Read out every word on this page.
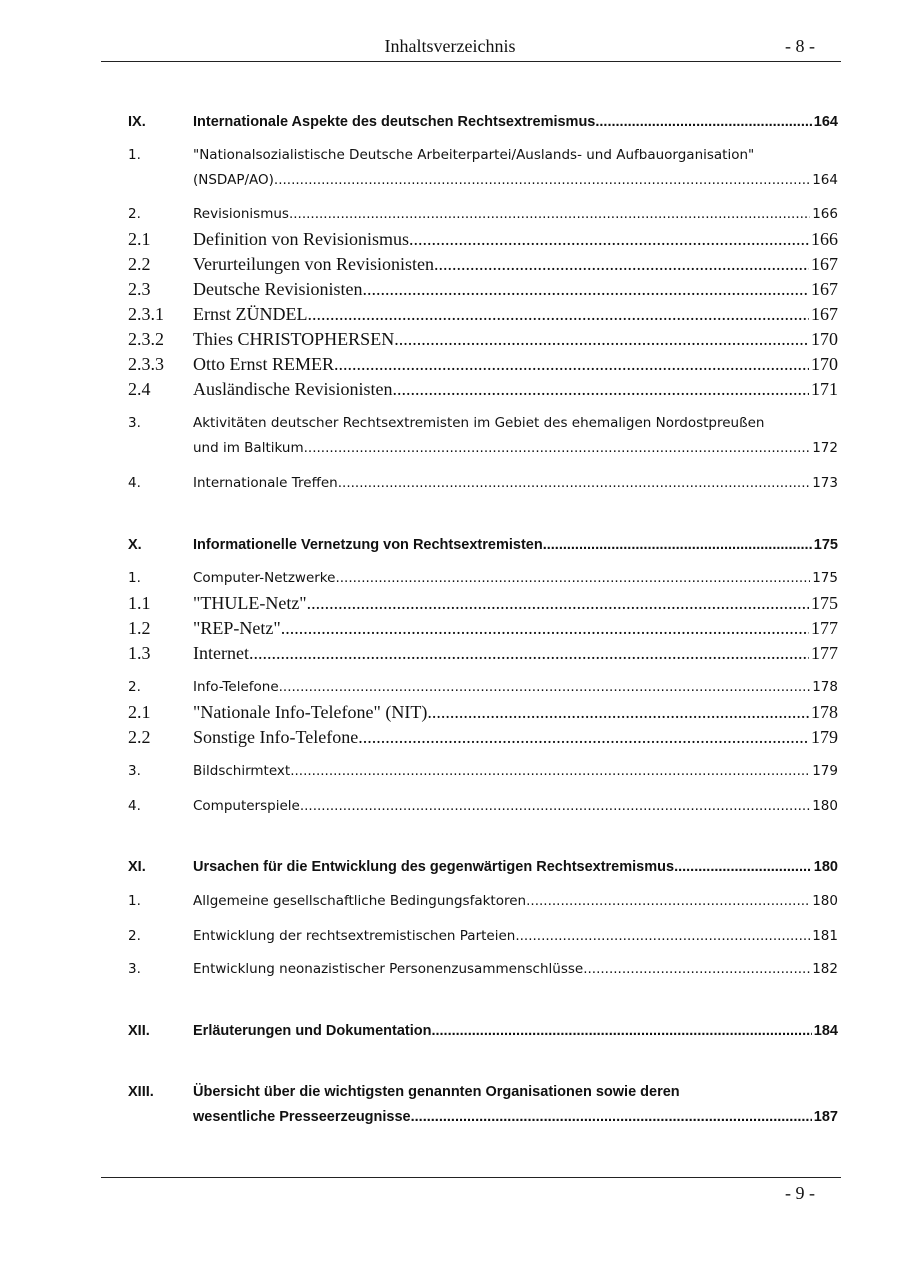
Inhaltsverzeichnis	- 8 -
IX.	Internationale Aspekte des deutschen Rechtsextremismus .....	164
1.	"Nationalsozialistische Deutsche Arbeiterpartei/Auslands- und Aufbauorganisation"
(NSDAP/AO) .....	164
2.	Revisionismus .....	166
2.1 Definition von Revisionismus .....	166
2.2 Verurteilungen von Revisionisten .....	167
2.3 Deutsche Revisionisten .....	167
2.3.1 Ernst ZÜNDEL .....	167
2.3.2 Thies CHRISTOPHERSEN .....	170
2.3.3 Otto Ernst REMER .....	170
2.4 Ausländische Revisionisten .....	171
3.	Aktivitäten deutscher Rechtsextremisten im Gebiet des ehemaligen Nordostpreußen
und im Baltikum .....	172
4.	Internationale Treffen .....	173
X.	Informationelle Vernetzung von Rechtsextremisten .....	175
1.	Computer-Netzwerke .....	175
1.1 "THULE-Netz" .....	175
1.2 "REP-Netz" .....	177
1.3 Internet .....	177
2.	Info-Telefone .....	178
2.1 "Nationale Info-Telefone" (NIT) .....	178
2.2 Sonstige Info-Telefone .....	179
3.	Bildschirmtext .....	179
4.	Computerspiele .....	180
XI.	Ursachen für die Entwicklung des gegenwärtigen Rechtsextremismus .....	180
1.	Allgemeine gesellschaftliche Bedingungsfaktoren .....	180
2.	Entwicklung der rechtsextremistischen Parteien .....	181
3.	Entwicklung neonazistischer Personenzusammenschlüsse .....	182
XII.	Erläuterungen und Dokumentation .....	184
XIII.	Übersicht über die wichtigsten genannten Organisationen sowie deren
wesentliche Presseerzeugnisse .....	187
- 9 -
